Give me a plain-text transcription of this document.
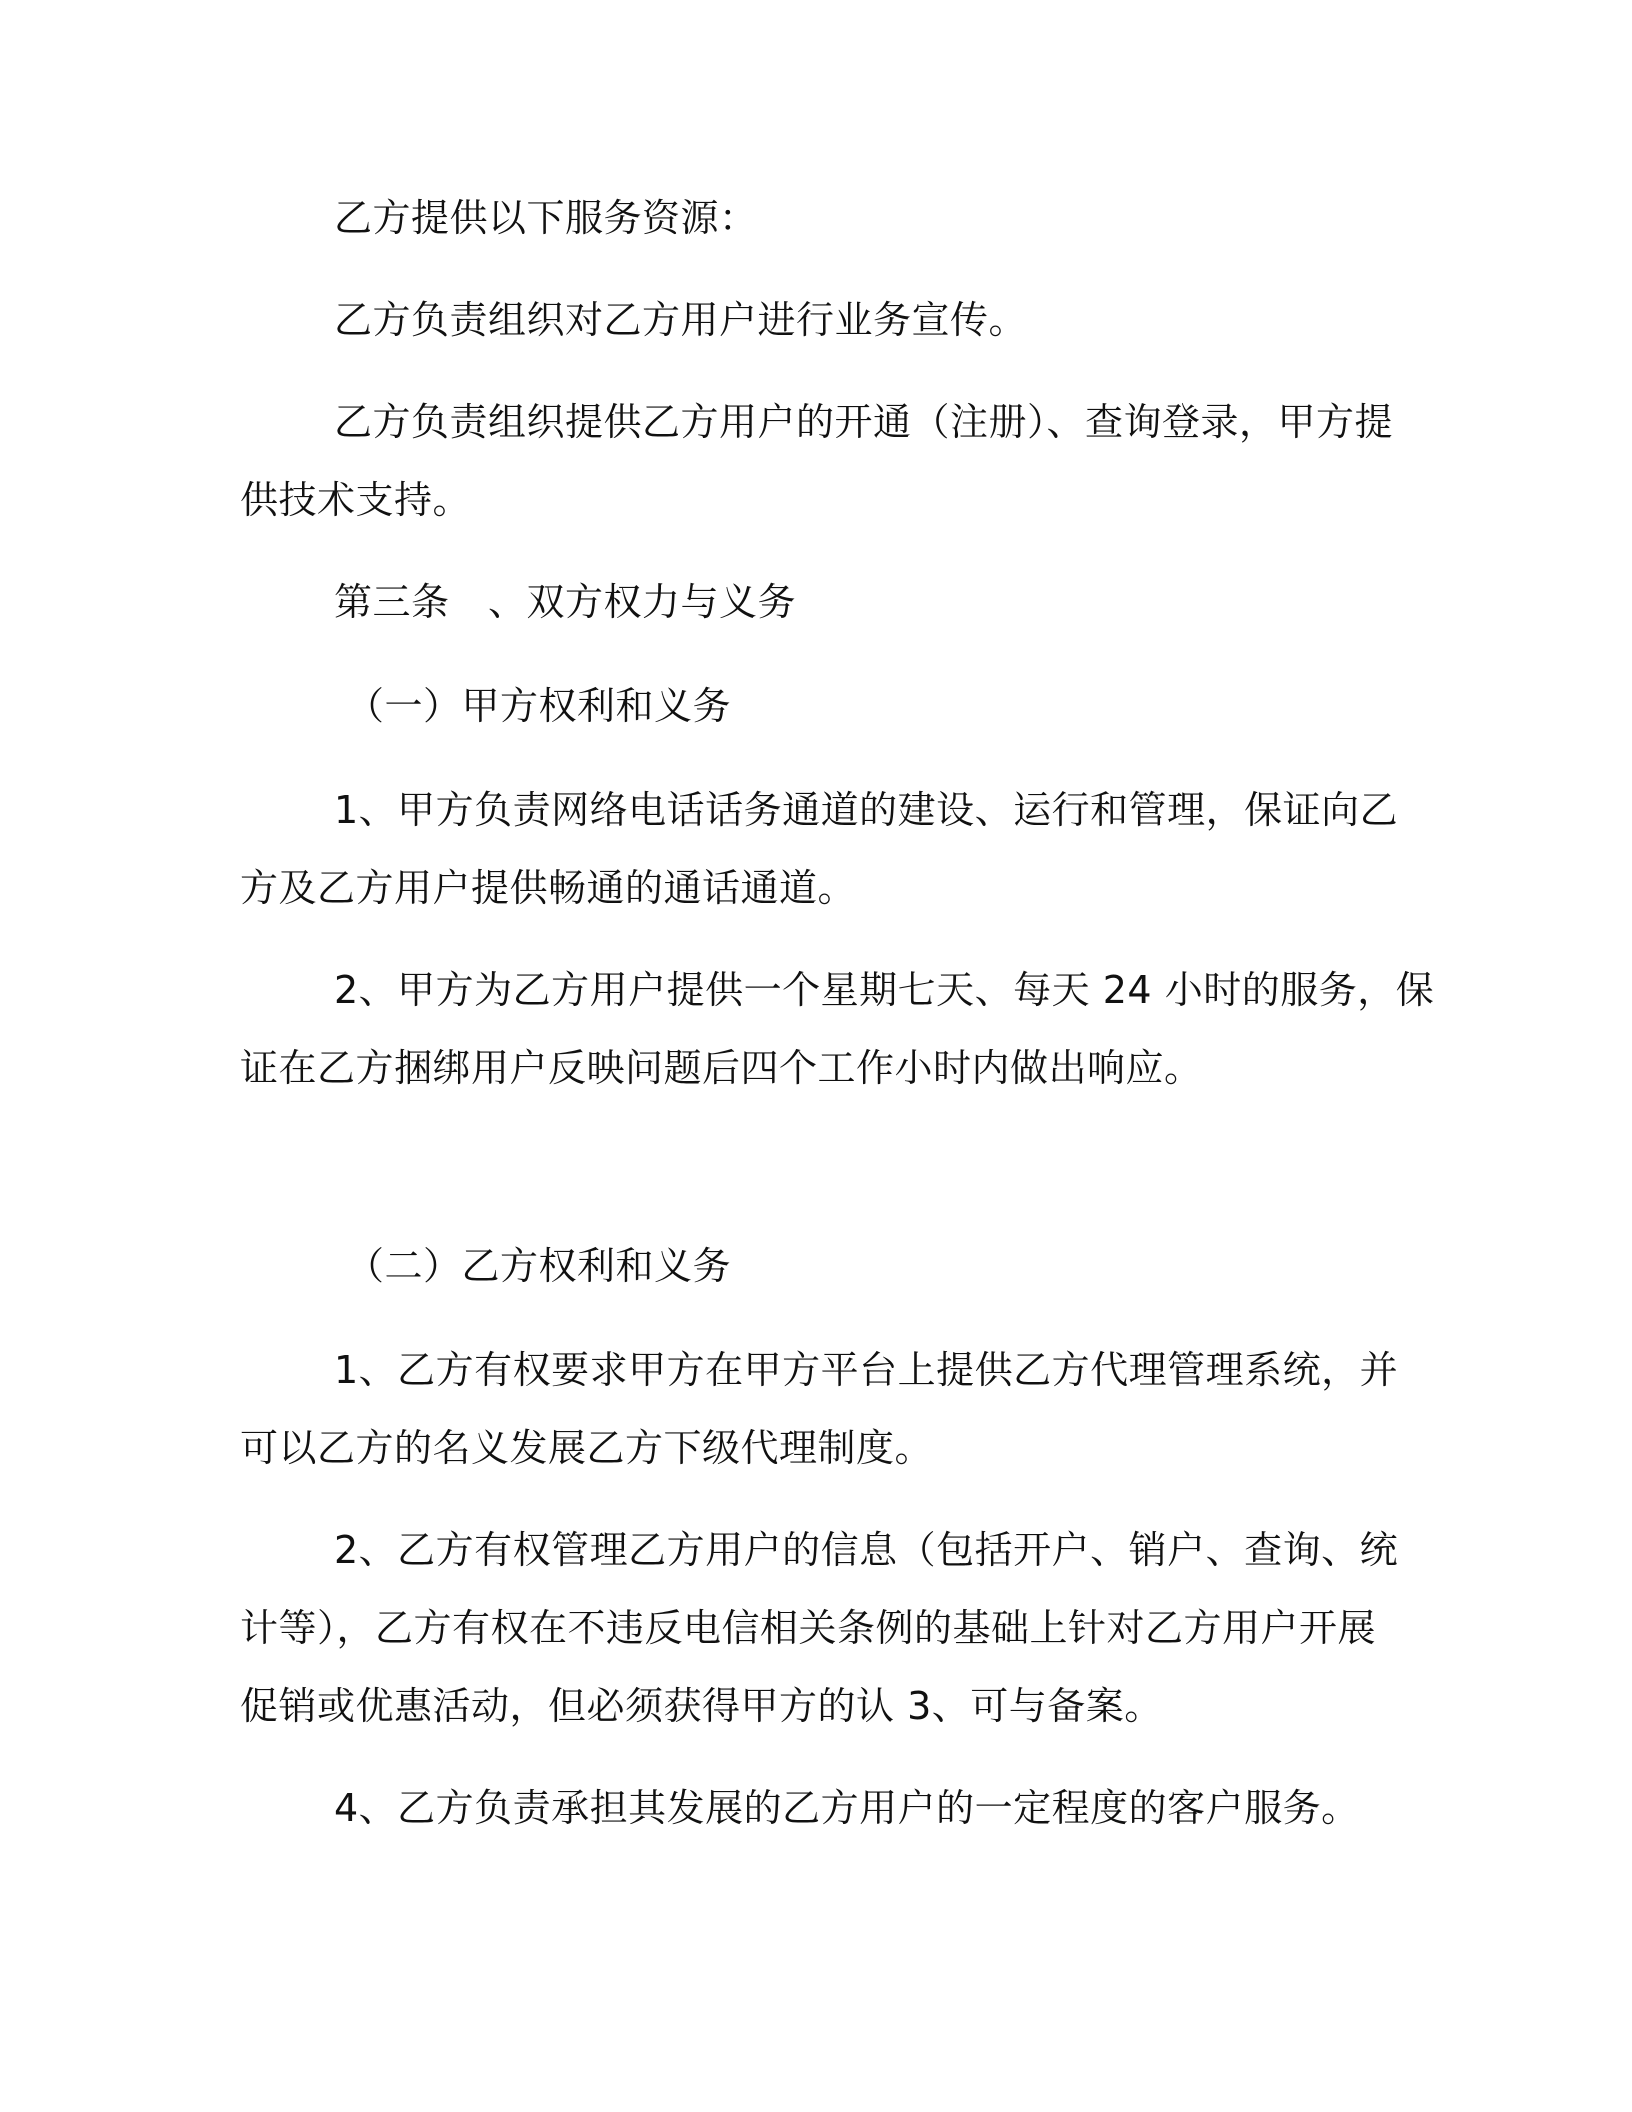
乙方提供以下服务资源：
乙方负责组织对乙方用户进行业务宣传。
乙方负责组织提供乙方用户的开通（注册）、查询登录，甲方提
供技术支持。
第三条　、双方权力与义务
（一）甲方权利和义务
1、甲方负责网络电话话务通道的建设、运行和管理，保证向乙
方及乙方用户提供畅通的通话通道。
2、甲方为乙方用户提供一个星期七天、每天 24 小时的服务，保
证在乙方捆绑用户反映问题后四个工作小时内做出响应。
（二）乙方权利和义务
1、乙方有权要求甲方在甲方平台上提供乙方代理管理系统，并
可以乙方的名义发展乙方下级代理制度。
2、乙方有权管理乙方用户的信息（包括开户、销户、查询、统
计等），乙方有权在不违反电信相关条例的基础上针对乙方用户开展
促销或优惠活动，但必须获得甲方的认 3、可与备案。
4、乙方负责承担其发展的乙方用户的一定程度的客户服务。
